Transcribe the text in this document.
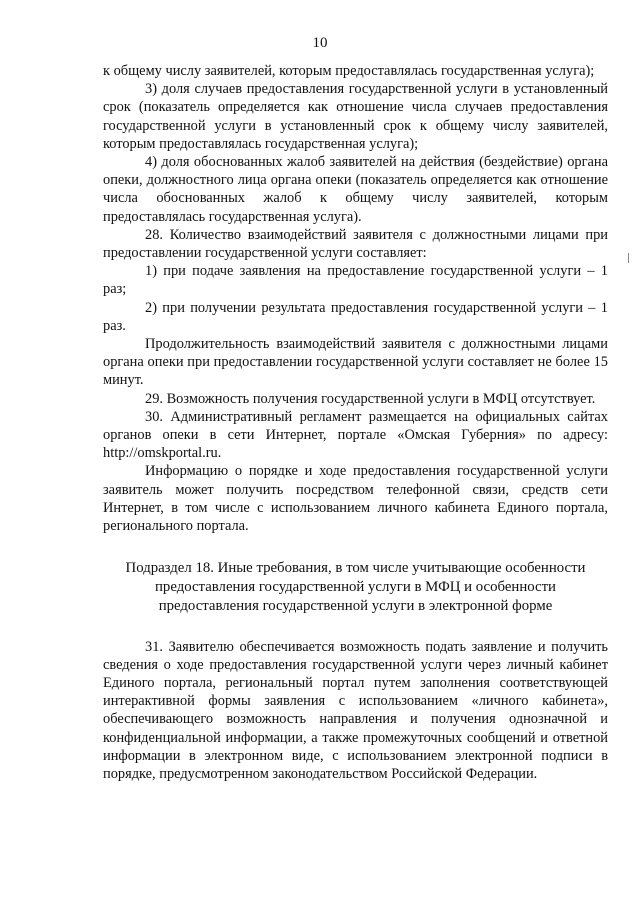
10

к общему числу заявителей, которым предоставлялась государственная услуга);

3) доля случаев предоставления государственной услуги в установленный срок (показатель определяется как отношение числа случаев предоставления государственной услуги в установленный срок к общему числу заявителей, которым предоставлялась государственная услуга);

4) доля обоснованных жалоб заявителей на действия (бездействие) органа опеки, должностного лица органа опеки (показатель определяется как отношение числа обоснованных жалоб к общему числу заявителей, которым предоставлялась государственная услуга).

28. Количество взаимодействий заявителя с должностными лицами при предоставлении государственной услуги составляет:

1) при подаче заявления на предоставление государственной услуги – 1 раз;

2) при получении результата предоставления государственной услуги – 1 раз.

Продолжительность взаимодействий заявителя с должностными лицами органа опеки при предоставлении государственной услуги составляет не более 15 минут.

29. Возможность получения государственной услуги в МФЦ отсутствует.

30. Административный регламент размещается на официальных сайтах органов опеки в сети Интернет, портале «Омская Губерния» по адресу: http://omskportal.ru.

Информацию о порядке и ходе предоставления государственной услуги заявитель может получить посредством телефонной связи, средств сети Интернет, в том числе с использованием личного кабинета Единого портала, регионального портала.

Подраздел 18. Иные требования, в том числе учитывающие особенности предоставления государственной услуги в МФЦ и особенности предоставления государственной услуги в электронной форме

31. Заявителю обеспечивается возможность подать заявление и получить сведения о ходе предоставления государственной услуги через личный кабинет Единого портала, региональный портал путем заполнения соответствующей интерактивной формы заявления с использованием «личного кабинета», обеспечивающего возможность направления и получения однозначной и конфиденциальной информации, а также промежуточных сообщений и ответной информации в электронном виде, с использованием электронной подписи в порядке, предусмотренном законодательством Российской Федерации.
